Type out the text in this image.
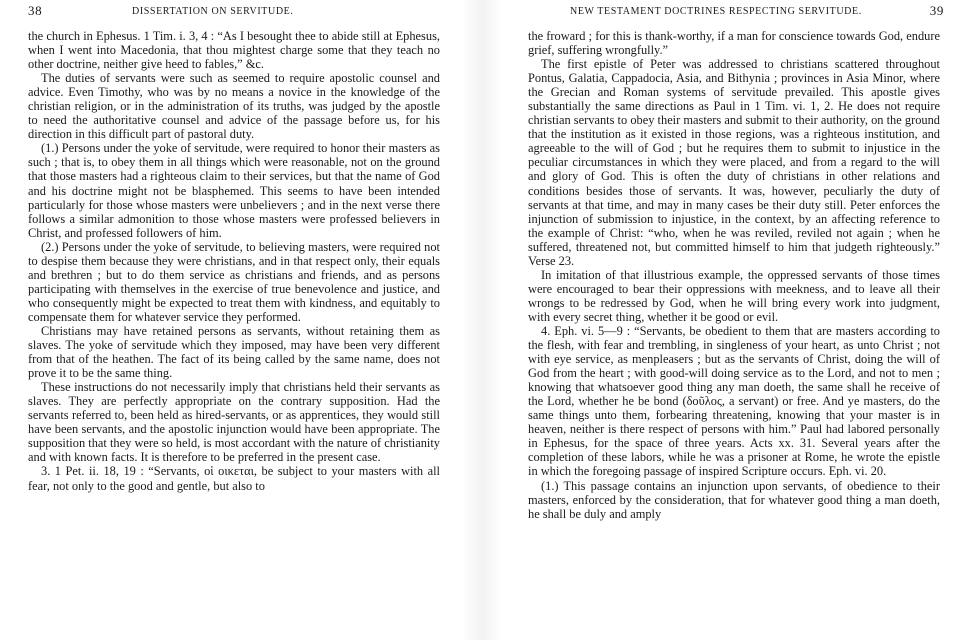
38	DISSERTATION ON SERVITUDE.

the church in Ephesus. 1 Tim. i. 3, 4 : “As I besought thee to abide still at Ephesus, when I went into Macedonia, that thou mightest charge some that they teach no other doctrine, neither give heed to fables,” &c.

The duties of servants were such as seemed to require apostolic counsel and advice. Even Timothy, who was by no means a novice in the knowledge of the christian religion, or in the administration of its truths, was judged by the apostle to need the authoritative counsel and advice of the passage before us, for his direction in this difficult part of pastoral duty.

(1.) Persons under the yoke of servitude, were required to honor their masters as such ; that is, to obey them in all things which were reasonable, not on the ground that those masters had a righteous claim to their services, but that the name of God and his doctrine might not be blasphemed. This seems to have been intended particularly for those whose masters were unbelievers ; and in the next verse there follows a similar admonition to those whose masters were professed believers in Christ, and professed followers of him.

(2.) Persons under the yoke of servitude, to believing masters, were required not to despise them because they were christians, and in that respect only, their equals and brethren ; but to do them service as christians and friends, and as persons participating with themselves in the exercise of true benevolence and justice, and who consequently might be expected to treat them with kindness, and equitably to compensate them for whatever service they performed.

Christians may have retained persons as servants, without retaining them as slaves. The yoke of servitude which they imposed, may have been very different from that of the heathen. The fact of its being called by the same name, does not prove it to be the same thing.

These instructions do not necessarily imply that christians held their servants as slaves. They are perfectly appropriate on the contrary supposition. Had the servants referred to, been held as hired-servants, or as apprentices, they would still have been servants, and the apostolic injunction would have been appropriate. The supposition that they were so held, is most accordant with the nature of christianity and with known facts. It is therefore to be preferred in the present case.

3. 1 Pet. ii. 18, 19 : “Servants, οἱ οικεται, be subject to your masters with all fear, not only to the good and gentle, but also to

NEW TESTAMENT DOCTRINES RESPECTING SERVITUDE.	39

the froward ; for this is thank-worthy, if a man for conscience towards God, endure grief, suffering wrongfully.”

The first epistle of Peter was addressed to christians scattered throughout Pontus, Galatia, Cappadocia, Asia, and Bithynia ; provinces in Asia Minor, where the Grecian and Roman systems of servitude prevailed. This apostle gives substantially the same directions as Paul in 1 Tim. vi. 1, 2. He does not require christian servants to obey their masters and submit to their authority, on the ground that the institution as it existed in those regions, was a righteous institution, and agreeable to the will of God ; but he requires them to submit to injustice in the peculiar circumstances in which they were placed, and from a regard to the will and glory of God. This is often the duty of christians in other relations and conditions besides those of servants. It was, however, peculiarly the duty of servants at that time, and may in many cases be their duty still. Peter enforces the injunction of submission to injustice, in the context, by an affecting reference to the example of Christ: “who, when he was reviled, reviled not again ; when he suffered, threatened not, but committed himself to him that judgeth righteously.” Verse 23.

In imitation of that illustrious example, the oppressed servants of those times were encouraged to bear their oppressions with meekness, and to leave all their wrongs to be redressed by God, when he will bring every work into judgment, with every secret thing, whether it be good or evil.

4. Eph. vi. 5—9 : “Servants, be obedient to them that are masters according to the flesh, with fear and trembling, in singleness of your heart, as unto Christ ; not with eye service, as menpleasers ; but as the servants of Christ, doing the will of God from the heart ; with good-will doing service as to the Lord, and not to men ; knowing that whatsoever good thing any man doeth, the same shall he receive of the Lord, whether he be bond (δοῦλος, a servant) or free. And ye masters, do the same things unto them, forbearing threatening, knowing that your master is in heaven, neither is there respect of persons with him.” Paul had labored personally in Ephesus, for the space of three years. Acts xx. 31. Several years after the completion of these labors, while he was a prisoner at Rome, he wrote the epistle in which the foregoing passage of inspired Scripture occurs. Eph. vi. 20.

(1.) This passage contains an injunction upon servants, of obedience to their masters, enforced by the consideration, that for whatever good thing a man doeth, he shall be duly and amply
